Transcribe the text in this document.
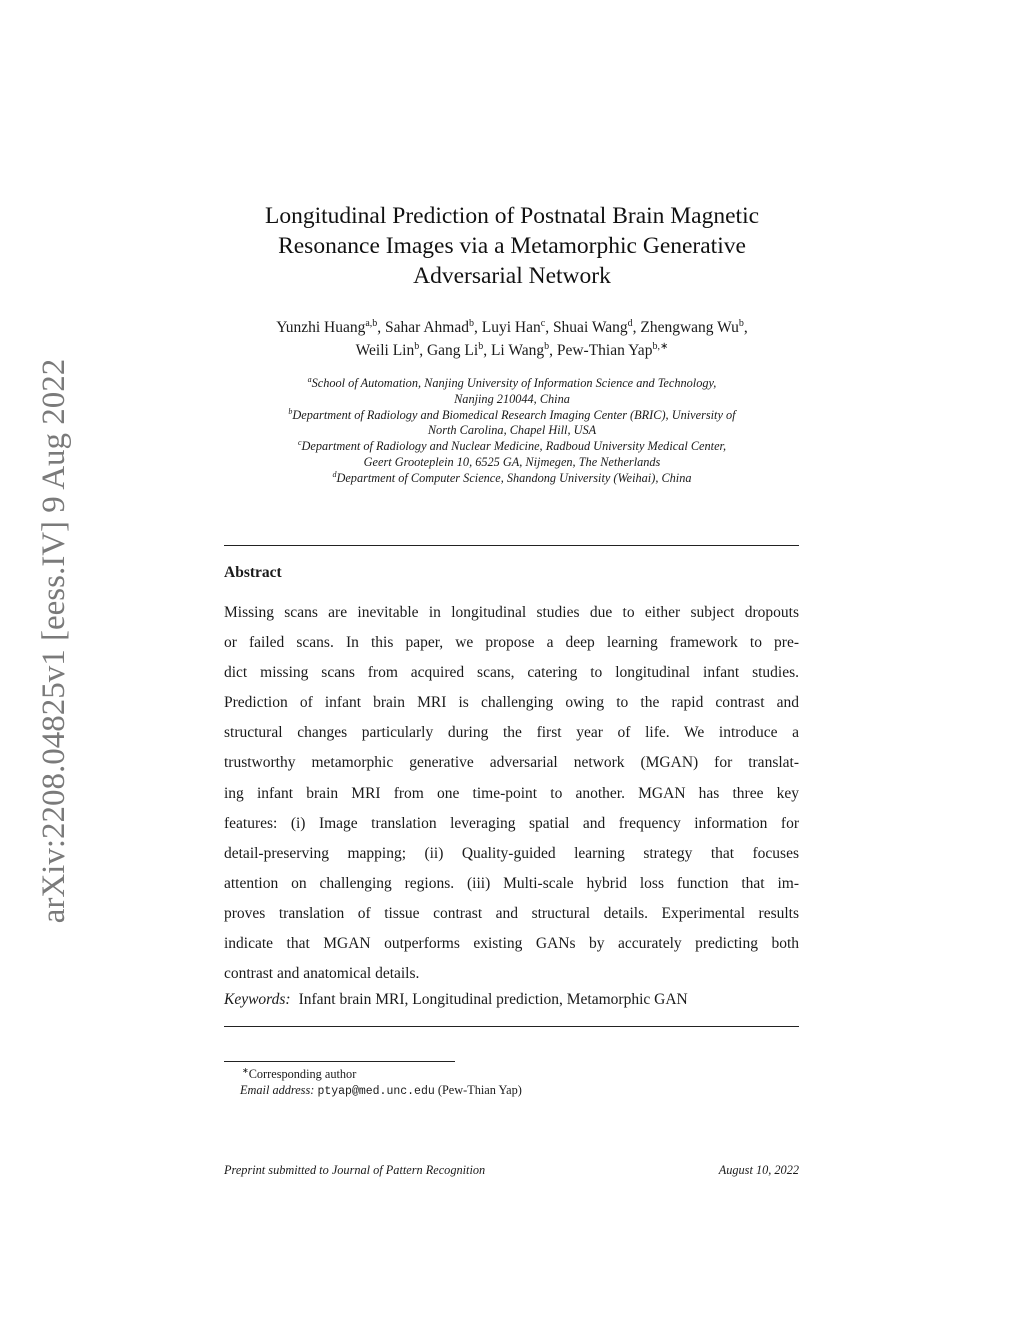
arXiv:2208.04825v1 [eess.IV] 9 Aug 2022
Longitudinal Prediction of Postnatal Brain Magnetic
Resonance Images via a Metamorphic Generative
Adversarial Network
Yunzhi Huang$^{a,b}$, Sahar Ahmad$^b$, Luyi Han$^c$, Shuai Wang$^d$, Zhengwang Wu$^b$,
Weili Lin$^b$, Gang Li$^b$, Li Wang$^b$, Pew-Thian Yap$^{b,∗}$
$^a$School of Automation, Nanjing University of Information Science and Technology,
Nanjing 210044, China
$^b$Department of Radiology and Biomedical Research Imaging Center (BRIC), University of
North Carolina, Chapel Hill, USA
$^c$Department of Radiology and Nuclear Medicine, Radboud University Medical Center,
Geert Grooteplein 10, 6525 GA, Nijmegen, The Netherlands
$^d$Department of Computer Science, Shandong University (Weihai), China
Abstract
Missing scans are inevitable in longitudinal studies due to either subject dropouts
or failed scans. In this paper, we propose a deep learning framework to pre-
dict missing scans from acquired scans, catering to longitudinal infant studies.
Prediction of infant brain MRI is challenging owing to the rapid contrast and
structural changes particularly during the first year of life. We introduce a
trustworthy metamorphic generative adversarial network (MGAN) for translat-
ing infant brain MRI from one time-point to another. MGAN has three key
features: (i) Image translation leveraging spatial and frequency information for
detail-preserving mapping; (ii) Quality-guided learning strategy that focuses
attention on challenging regions. (iii) Multi-scale hybrid loss function that im-
proves translation of tissue contrast and structural details. Experimental results
indicate that MGAN outperforms existing GANs by accurately predicting both
contrast and anatomical details.
Keywords: Infant brain MRI, Longitudinal prediction, Metamorphic GAN
∗Corresponding author
Email address: ptyap@med.unc.edu (Pew-Thian Yap)
Preprint submitted to Journal of Pattern Recognition	August 10, 2022
